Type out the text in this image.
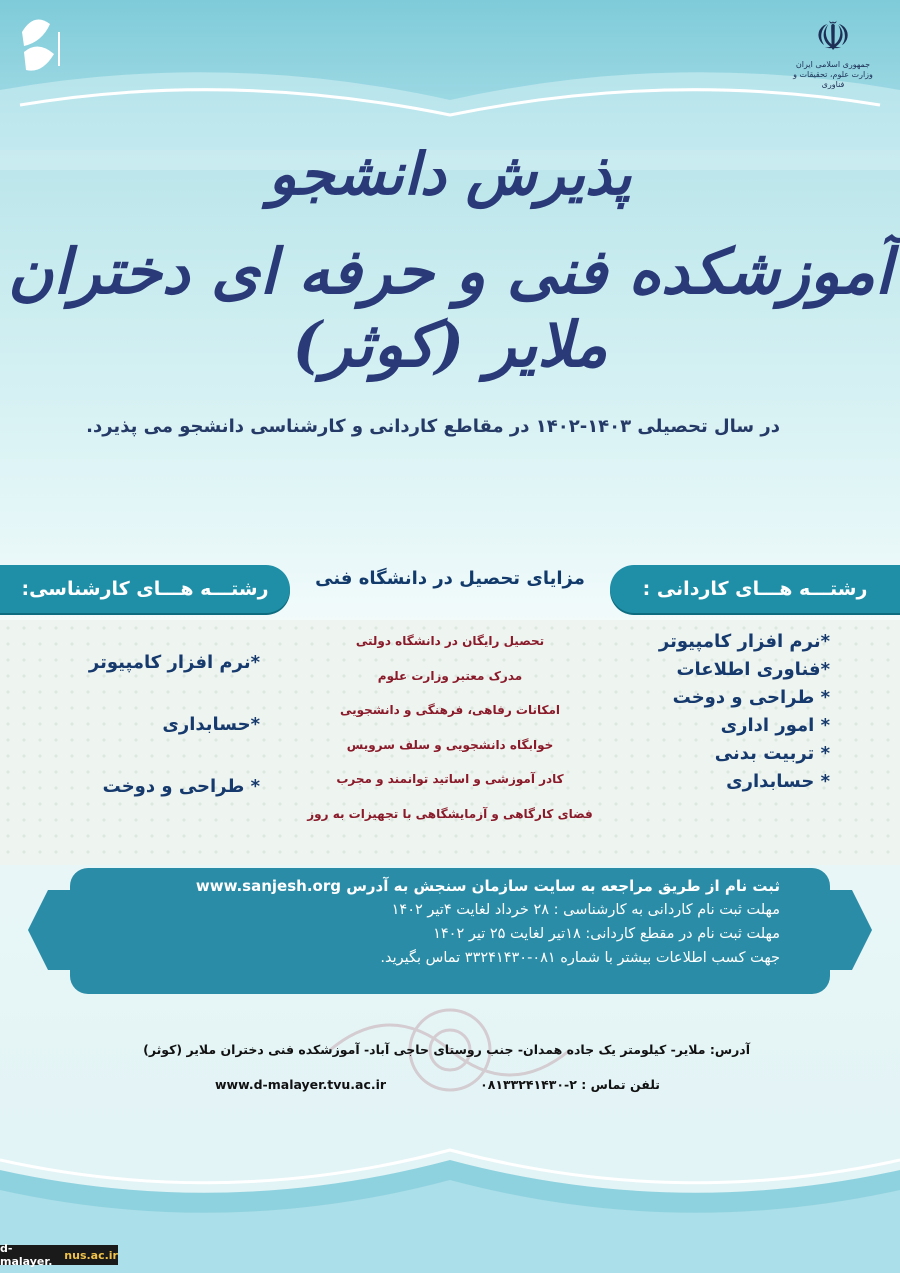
☫
جمهوری اسلامی ایران
وزارت علوم، تحقیقات و فناوری
پذیرش دانشجو
آموزشکده فنی و حرفه ای دختران ملایر (کوثر)
در سال تحصیلی ۱۴۰۳-۱۴۰۲ در مقاطع کاردانی و کارشناسی دانشجو می پذیرد.
رشتـــه هـــای کاردانی :
رشتـــه هـــای کارشناسی:	مزایای تحصیل در دانشگاه فنی
*نرم افزار کامپیوتر
*فناوری اطلاعات
* طراحی و دوخت
* امور اداری
* تربیت بدنی
* حسابداری
تحصیل رایگان در دانشگاه دولتی
مدرک معتبر وزارت علوم
امکانات رفاهی، فرهنگی و دانشجویی
خوابگاه دانشجویی و سلف سرویس
کادر آموزشی و اساتید توانمند و مجرب
فضای کارگاهی و آزمایشگاهی با تجهیزات به روز
*نرم افزار کامپیوتر
*حسابداری
* طراحی و دوخت
ثبت نام از طریق مراجعه به سایت سازمان سنجش به آدرس www.sanjesh.org
مهلت ثبت نام کاردانی به کارشناسی : ۲۸ خرداد لغایت ۴تیر ۱۴۰۲
مهلت ثبت نام در مقطع کاردانی: ۱۸تیر لغایت ۲۵ تیر ۱۴۰۲
جهت کسب اطلاعات بیشتر با شماره ۰۸۱-۳۳۲۴۱۴۳۰ تماس بگیرید.
آدرس: ملایر- کیلومتر یک جاده همدان- جنب روستای حاجی آباد- آموزشکده فنی دختران ملایر (کوثر)
تلفن تماس : ۲-۰۸۱۳۳۲۴۱۴۳۰
www.d-malayer.tvu.ac.ir
d-malayer.	nus.ac.ir
